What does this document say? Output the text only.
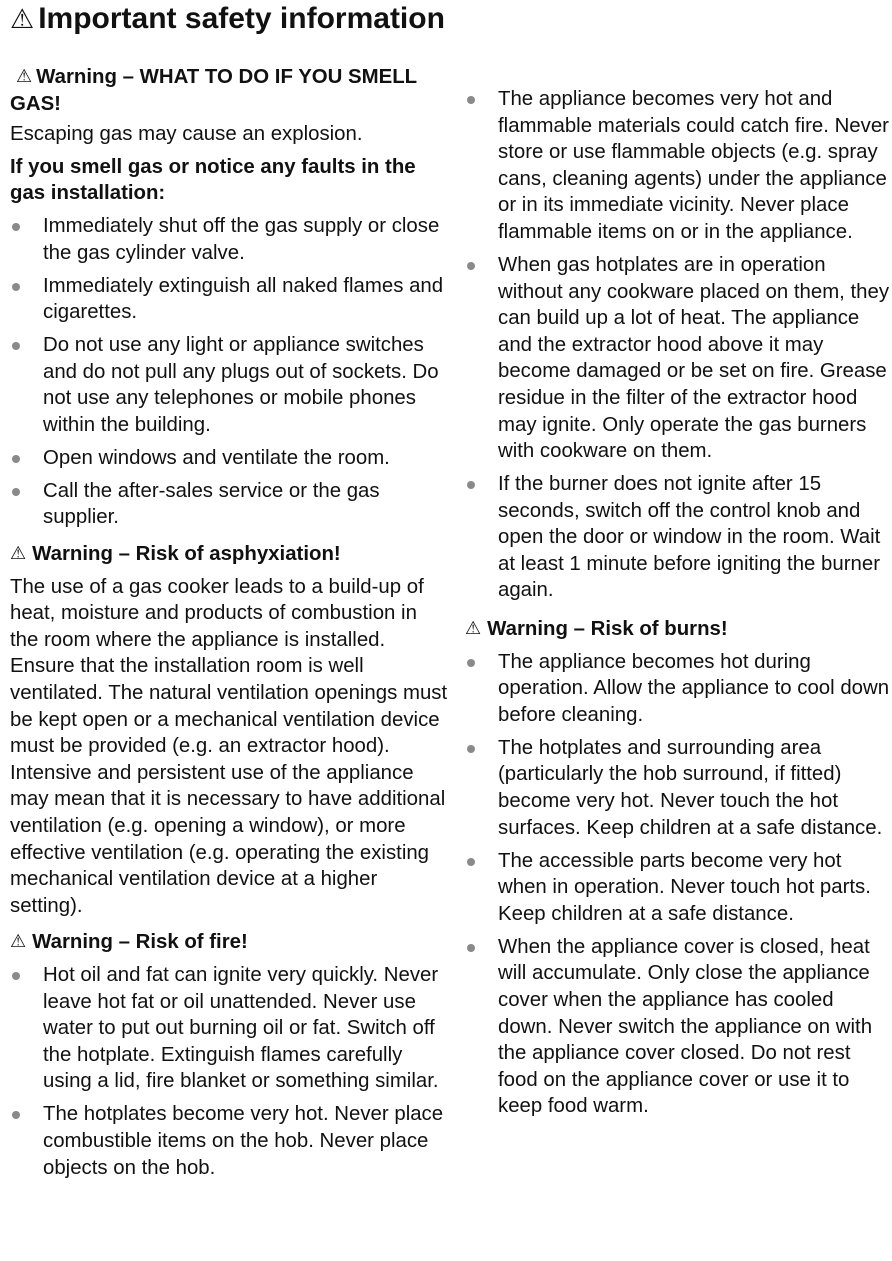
⚠ Important safety information

⚠ Warning – WHAT TO DO IF YOU SMELL GAS!

Escaping gas may cause an explosion.

If you smell gas or notice any faults in the gas installation:

Immediately shut off the gas supply or close the gas cylinder valve.
Immediately extinguish all naked flames and cigarettes.
Do not use any light or appliance switches and do not pull any plugs out of sockets. Do not use any telephones or mobile phones within the building.
Open windows and ventilate the room.
Call the after-sales service or the gas supplier.

⚠ Warning – Risk of asphyxiation!

The use of a gas cooker leads to a build-up of heat, moisture and products of combustion in the room where the appliance is installed. Ensure that the installation room is well ventilated. The natural ventilation openings must be kept open or a mechanical ventilation device must be provided (e.g. an extractor hood). Intensive and persistent use of the appliance may mean that it is necessary to have additional ventilation (e.g. opening a window), or more effective ventilation (e.g. operating the existing mechanical ventilation device at a higher setting).

⚠ Warning – Risk of fire!

Hot oil and fat can ignite very quickly. Never leave hot fat or oil unattended. Never use water to put out burning oil or fat. Switch off the hotplate. Extinguish flames carefully using a lid, fire blanket or something similar.
The hotplates become very hot. Never place combustible items on the hob. Never place objects on the hob.
The appliance becomes very hot and flammable materials could catch fire. Never store or use flammable objects (e.g. spray cans, cleaning agents) under the appliance or in its immediate vicinity. Never place flammable items on or in the appliance.
When gas hotplates are in operation without any cookware placed on them, they can build up a lot of heat. The appliance and the extractor hood above it may become damaged or be set on fire. Grease residue in the filter of the extractor hood may ignite. Only operate the gas burners with cookware on them.
If the burner does not ignite after 15 seconds, switch off the control knob and open the door or window in the room. Wait at least 1 minute before igniting the burner again.

⚠ Warning – Risk of burns!

The appliance becomes hot during operation. Allow the appliance to cool down before cleaning.
The hotplates and surrounding area (particularly the hob surround, if fitted) become very hot. Never touch the hot surfaces. Keep children at a safe distance.
The accessible parts become very hot when in operation. Never touch hot parts. Keep children at a safe distance.
When the appliance cover is closed, heat will accumulate. Only close the appliance cover when the appliance has cooled down. Never switch the appliance on with the appliance cover closed. Do not rest food on the appliance cover or use it to keep food warm.
